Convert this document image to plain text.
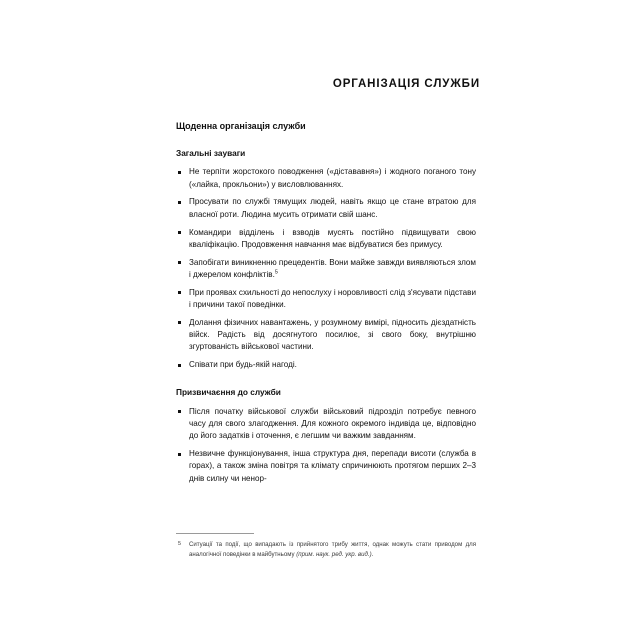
ОРГАНІЗАЦІЯ СЛУЖБИ
Щоденна організація служби
Загальні зауваги
Не терпіти жорстокого поводження («дістававня») і жодного поганого тону («лайка, прокльони») у висловлюваннях.
Просувати по службі тямущих людей, навіть якщо це стане втратою для власної роти. Людина мусить отримати свій шанс.
Командири відділень і взводів мусять постійно підвищувати свою кваліфікацію. Продовження навчання має відбуватися без примусу.
Запобігати виникненню прецедентів. Вони майже завжди виявляються злом і джерелом конфліктів.$^5$
При проявах схильності до непослуху і норовливості слід з'ясувати підстави і причини такої поведінки.
Долання фізичних навантажень, у розумному вимірі, підносить дієздатність війск. Радість від досягнутого посилює, зі свого боку, внутрішню згуртованість військової частини.
Співати при будь-якій нагоді.
Призвичаєння до служби
Після початку військової служби військовий підрозділ потребує певного часу для свого злагодження. Для кожного окремого індивіда це, відповідно до його задатків і оточення, є легшим чи важким завданням.
Незвичне функціонування, інша структура дня, перепади висоти (служба в горах), а також зміна повітря та клімату спричинюють протягом перших 2–3 днів силну чи ненор-
5 Ситуації та події, що випадають із прийнятого трибу життя, однак можуть стати приводом для аналогічної поведінки в майбутньому (прим. наук. ред. укр. вид.).
